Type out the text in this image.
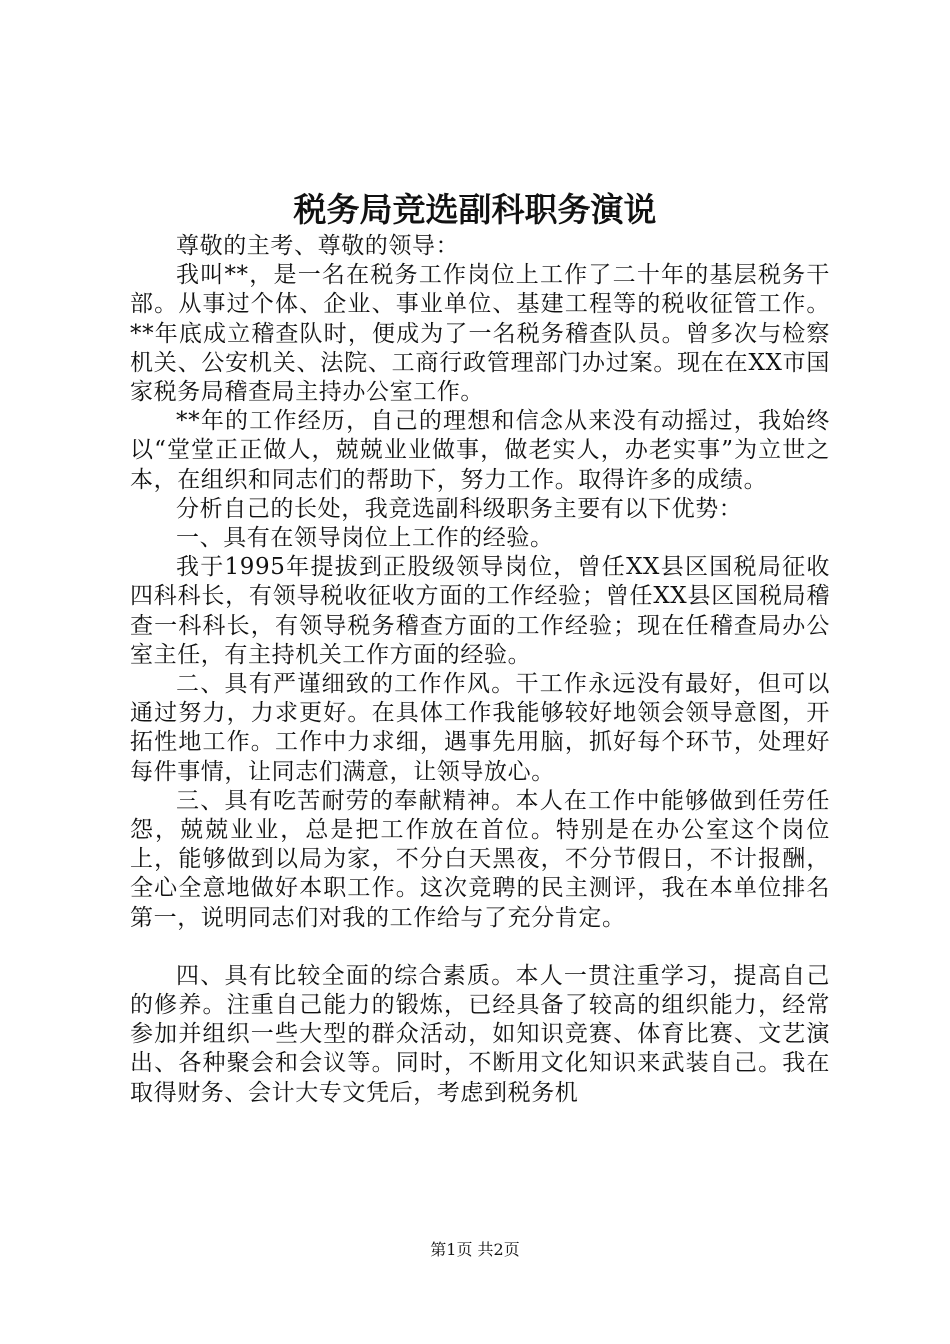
税务局竞选副科职务演说

尊敬的主考、尊敬的领导：

我叫**，是一名在税务工作岗位上工作了二十年的基层税务干部。从事过个体、企业、事业单位、基建工程等的税收征管工作。**年底成立稽查队时，便成为了一名税务稽查队员。曾多次与检察机关、公安机关、法院、工商行政管理部门办过案。现在在XX市国家税务局稽查局主持办公室工作。

**年的工作经历，自己的理想和信念从来没有动摇过，我始终以“堂堂正正做人，兢兢业业做事，做老实人，办老实事”为立世之本，在组织和同志们的帮助下，努力工作。取得许多的成绩。

分析自己的长处，我竞选副科级职务主要有以下优势：

一、具有在领导岗位上工作的经验。

我于1995年提拔到正股级领导岗位，曾任XX县区国税局征收四科科长，有领导税收征收方面的工作经验；曾任XX县区国税局稽查一科科长，有领导税务稽查方面的工作经验；现在任稽查局办公室主任，有主持机关工作方面的经验。

二、具有严谨细致的工作作风。干工作永远没有最好，但可以通过努力，力求更好。在具体工作我能够较好地领会领导意图，开拓性地工作。工作中力求细，遇事先用脑，抓好每个环节，处理好每件事情，让同志们满意，让领导放心。

三、具有吃苦耐劳的奉献精神。本人在工作中能够做到任劳任怨，兢兢业业，总是把工作放在首位。特别是在办公室这个岗位上，能够做到以局为家，不分白天黑夜，不分节假日，不计报酬，全心全意地做好本职工作。这次竞聘的民主测评，我在本单位排名第一，说明同志们对我的工作给与了充分肯定。

四、具有比较全面的综合素质。本人一贯注重学习，提高自己的修养。注重自己能力的锻炼，已经具备了较高的组织能力，经常参加并组织一些大型的群众活动，如知识竞赛、体育比赛、文艺演出、各种聚会和会议等。同时，不断用文化知识来武装自己。我在取得财务、会计大专文凭后，考虑到税务机

第1页 共2页
